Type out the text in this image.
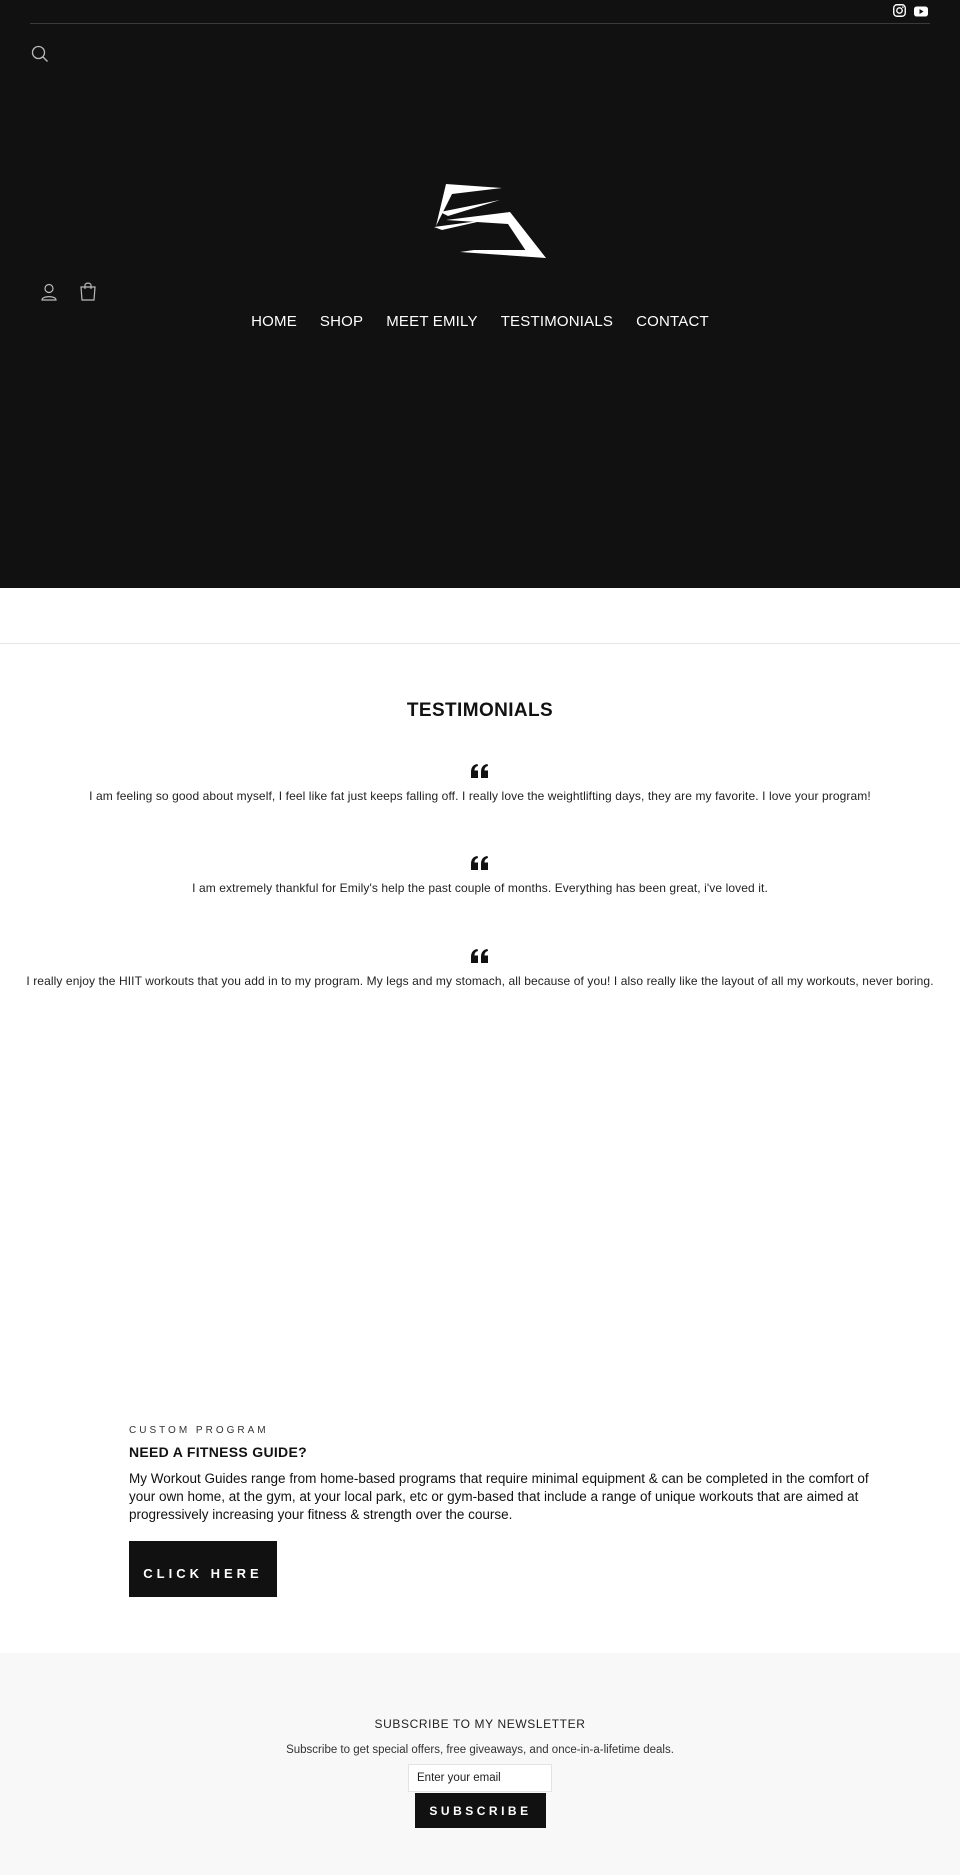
HOME	SHOP	MEET EMILY	TESTIMONIALS	CONTACT
TESTIMONIALS
I am feeling so good about myself, I feel like fat just keeps falling off. I really love the weightlifting days, they are my favorite. I love your program!
I am extremely thankful for Emily's help the past couple of months. Everything has been great, i've loved it.
I really enjoy the HIIT workouts that you add in to my program. My legs and my stomach, all because of you! I also really like the layout of all my workouts, never boring.
CUSTOM PROGRAM
NEED A FITNESS GUIDE?

My Workout Guides range from home-based programs that require minimal equipment & can be completed in the comfort of your own home, at the gym, at your local park, etc or gym-based that include a range of unique workouts that are aimed at progressively increasing your fitness & strength over the course.

CLICK HERE
SUBSCRIBE TO MY NEWSLETTER
Subscribe to get special offers, free giveaways, and once-in-a-lifetime deals.
Enter your email
SUBSCRIBE
